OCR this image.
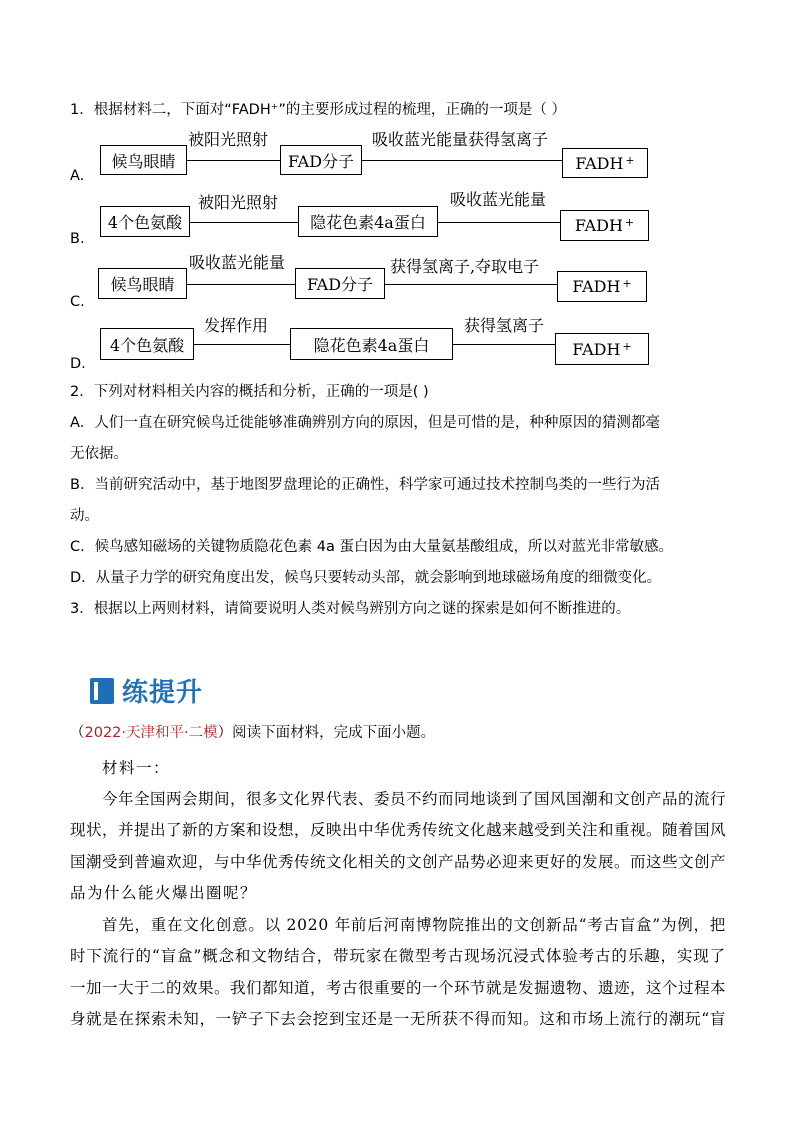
1．根据材料二，下面对“FADH⁺”的主要形成过程的梳理，正确的一项是（ ）
A.
候鸟眼睛
被阳光照射
FAD分子
吸收蓝光能量获得氢离子
FADH+
B.
4个色氨酸
被阳光照射
隐花色素4a蛋白
吸收蓝光能量
FADH+
C.
候鸟眼睛
吸收蓝光能量
FAD分子
获得氢离子,夺取电子
FADH+
D.
4个色氨酸
发挥作用
隐花色素4a蛋白
获得氢离子
FADH+
2．下列对材料相关内容的概括和分析，正确的一项是( )
A．人们一直在研究候鸟迁徙能够准确辨别方向的原因，但是可惜的是，种种原因的猜测都毫
无依据。
B．当前研究活动中，基于地图罗盘理论的正确性，科学家可通过技术控制鸟类的一些行为活
动。
C．候鸟感知磁场的关键物质隐花色素 4a 蛋白因为由大量氨基酸组成，所以对蓝光非常敏感。
D．从量子力学的研究角度出发，候鸟只要转动头部，就会影响到地球磁场角度的细微变化。
3．根据以上两则材料，请简要说明人类对候鸟辨别方向之谜的探索是如何不断推进的。
练提升
（2022·天津和平·二模）阅读下面材料，完成下面小题。
材料一：
今年全国两会期间，很多文化界代表、委员不约而同地谈到了国风国潮和文创产品的流行
现状，并提出了新的方案和设想，反映出中华优秀传统文化越来越受到关注和重视。随着国风
国潮受到普遍欢迎，与中华优秀传统文化相关的文创产品势必迎来更好的发展。而这些文创产
品为什么能火爆出圈呢？
首先，重在文化创意。以 2020 年前后河南博物院推出的文创新品“考古盲盒”为例，把
时下流行的“盲盒”概念和文物结合，带玩家在微型考古现场沉浸式体验考古的乐趣，实现了
一加一大于二的效果。我们都知道，考古很重要的一个环节就是发掘遗物、遗迹，这个过程本
身就是在探索未知，一铲子下去会挖到宝还是一无所获不得而知。这和市场上流行的潮玩“盲
